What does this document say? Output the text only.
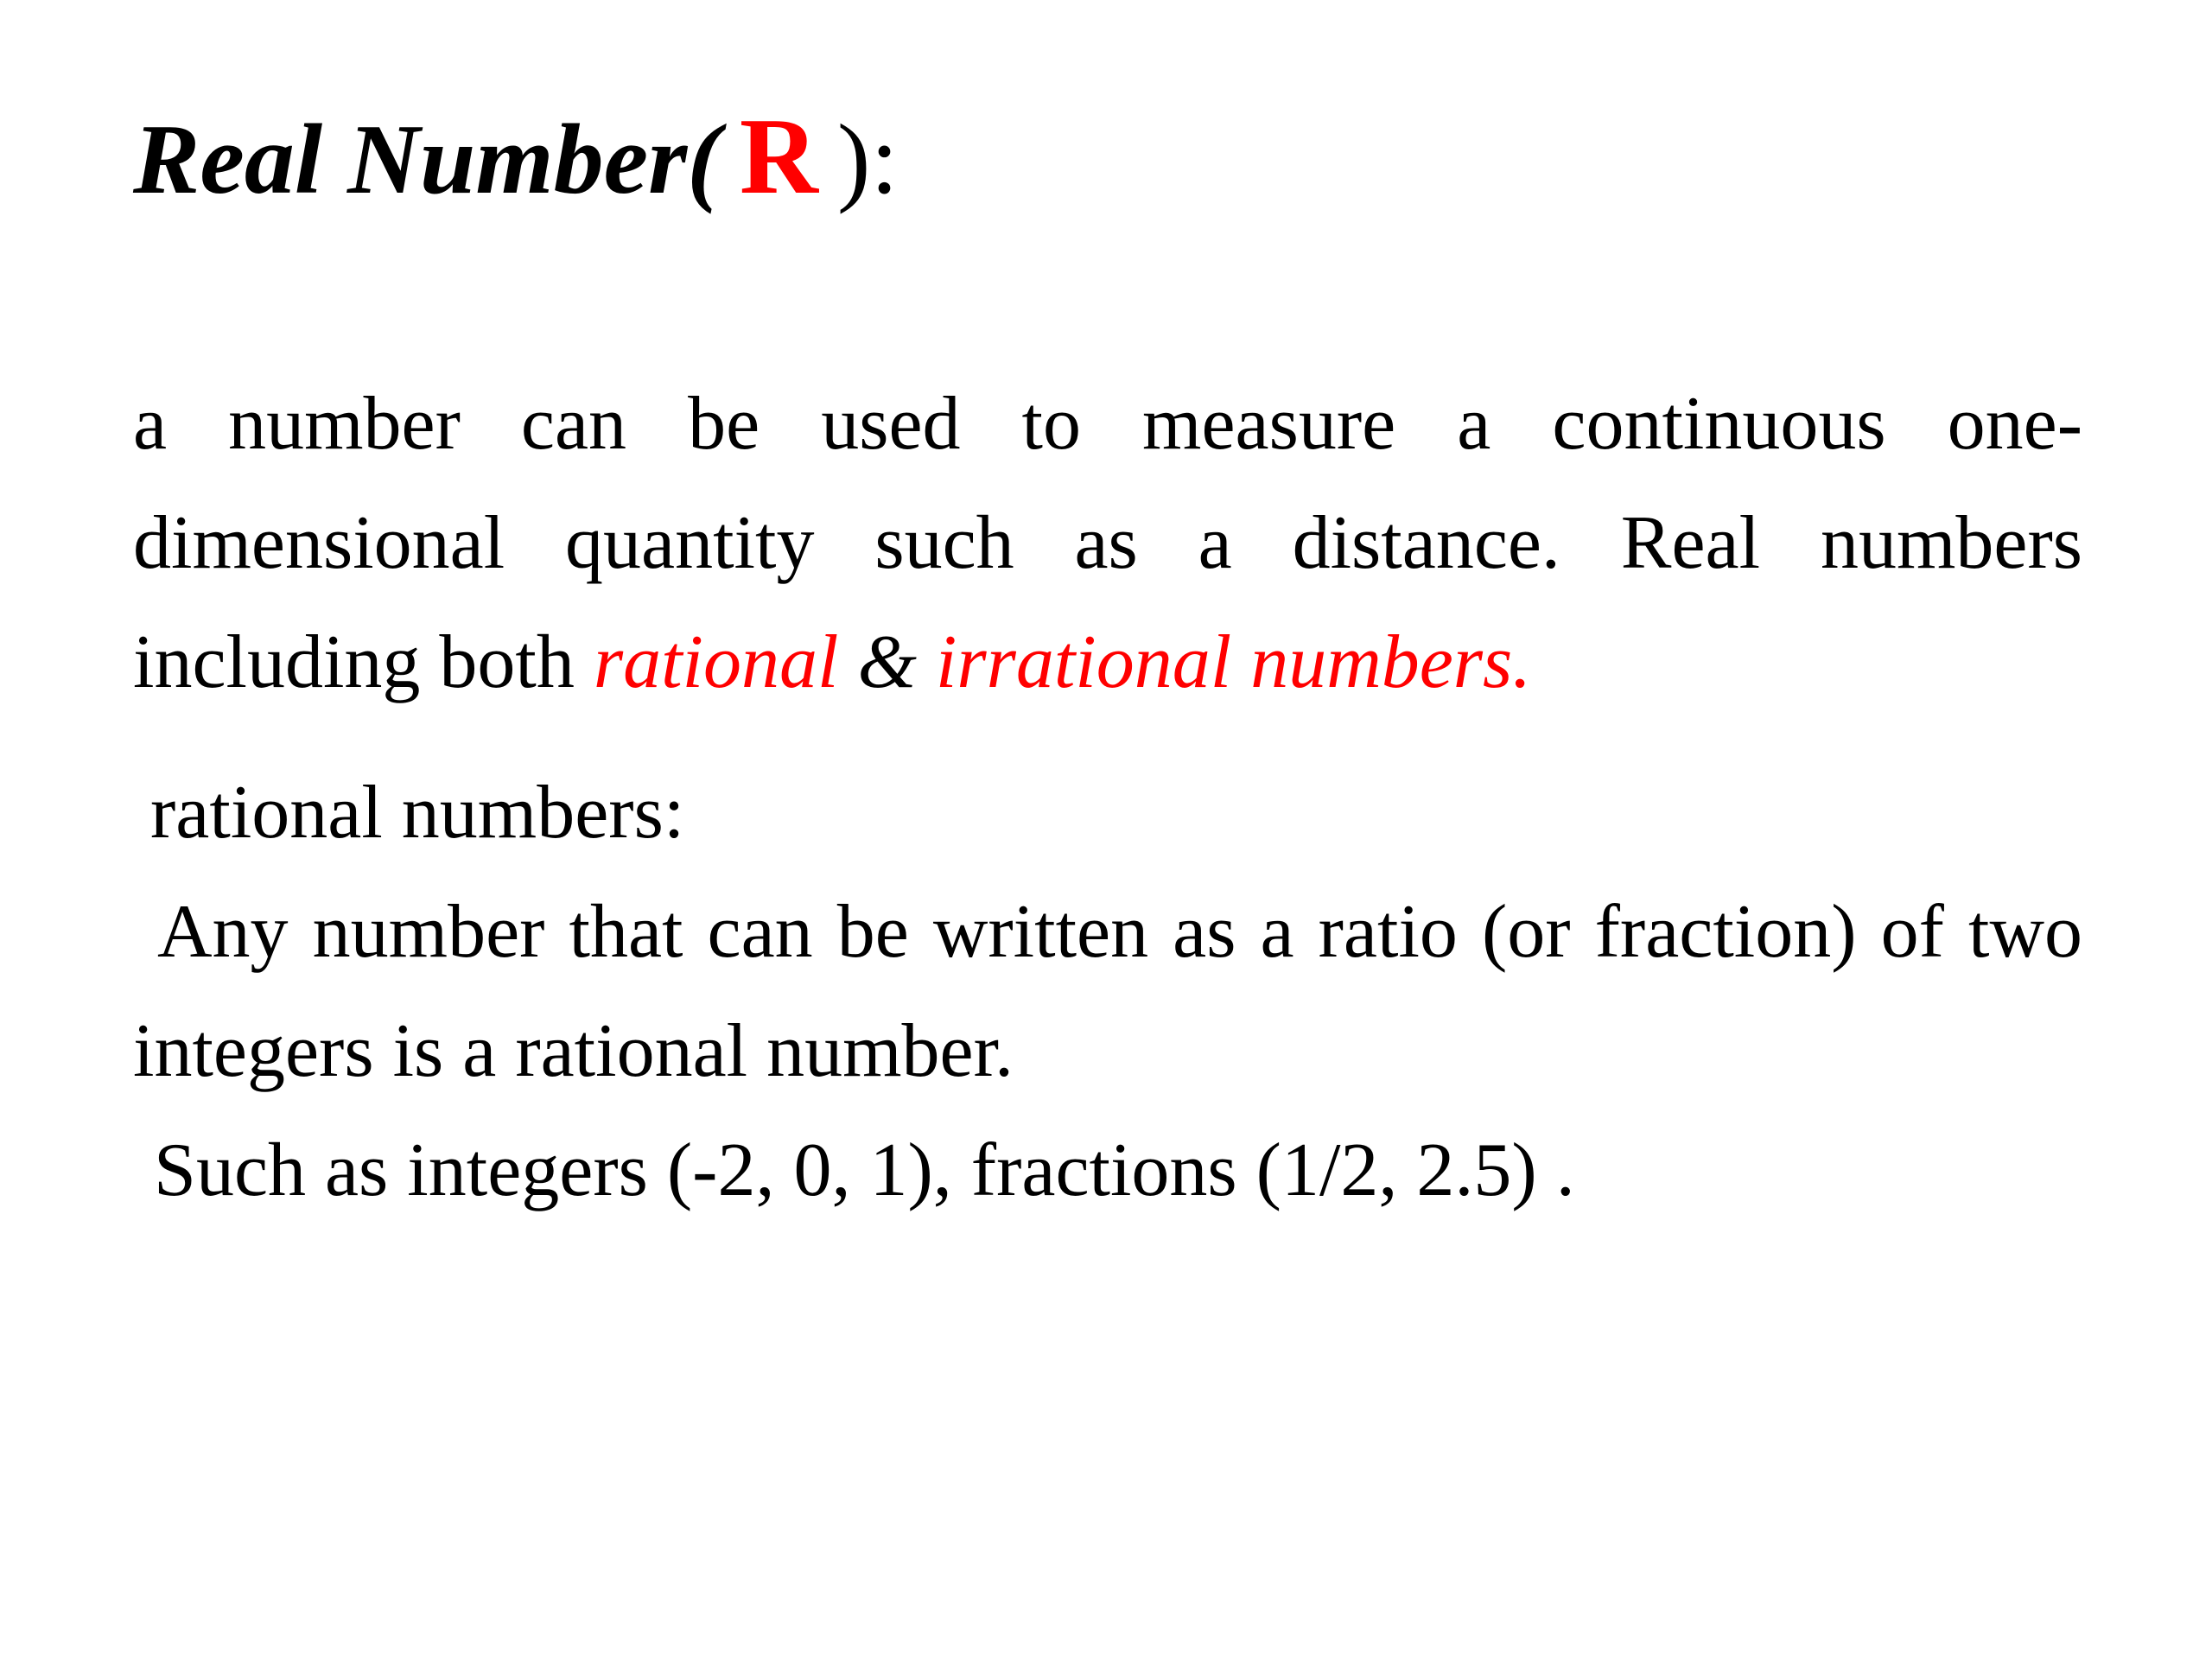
Real Number( R ):

a number can be used to measure a continuous one-dimensional quantity such as a distance. Real numbers including both rational & irrational numbers.

rational numbers:

Any number that can be written as a ratio (or fraction) of two integers is a rational number.

Such as integers (-2, 0, 1), fractions (1/2, 2.5) .
